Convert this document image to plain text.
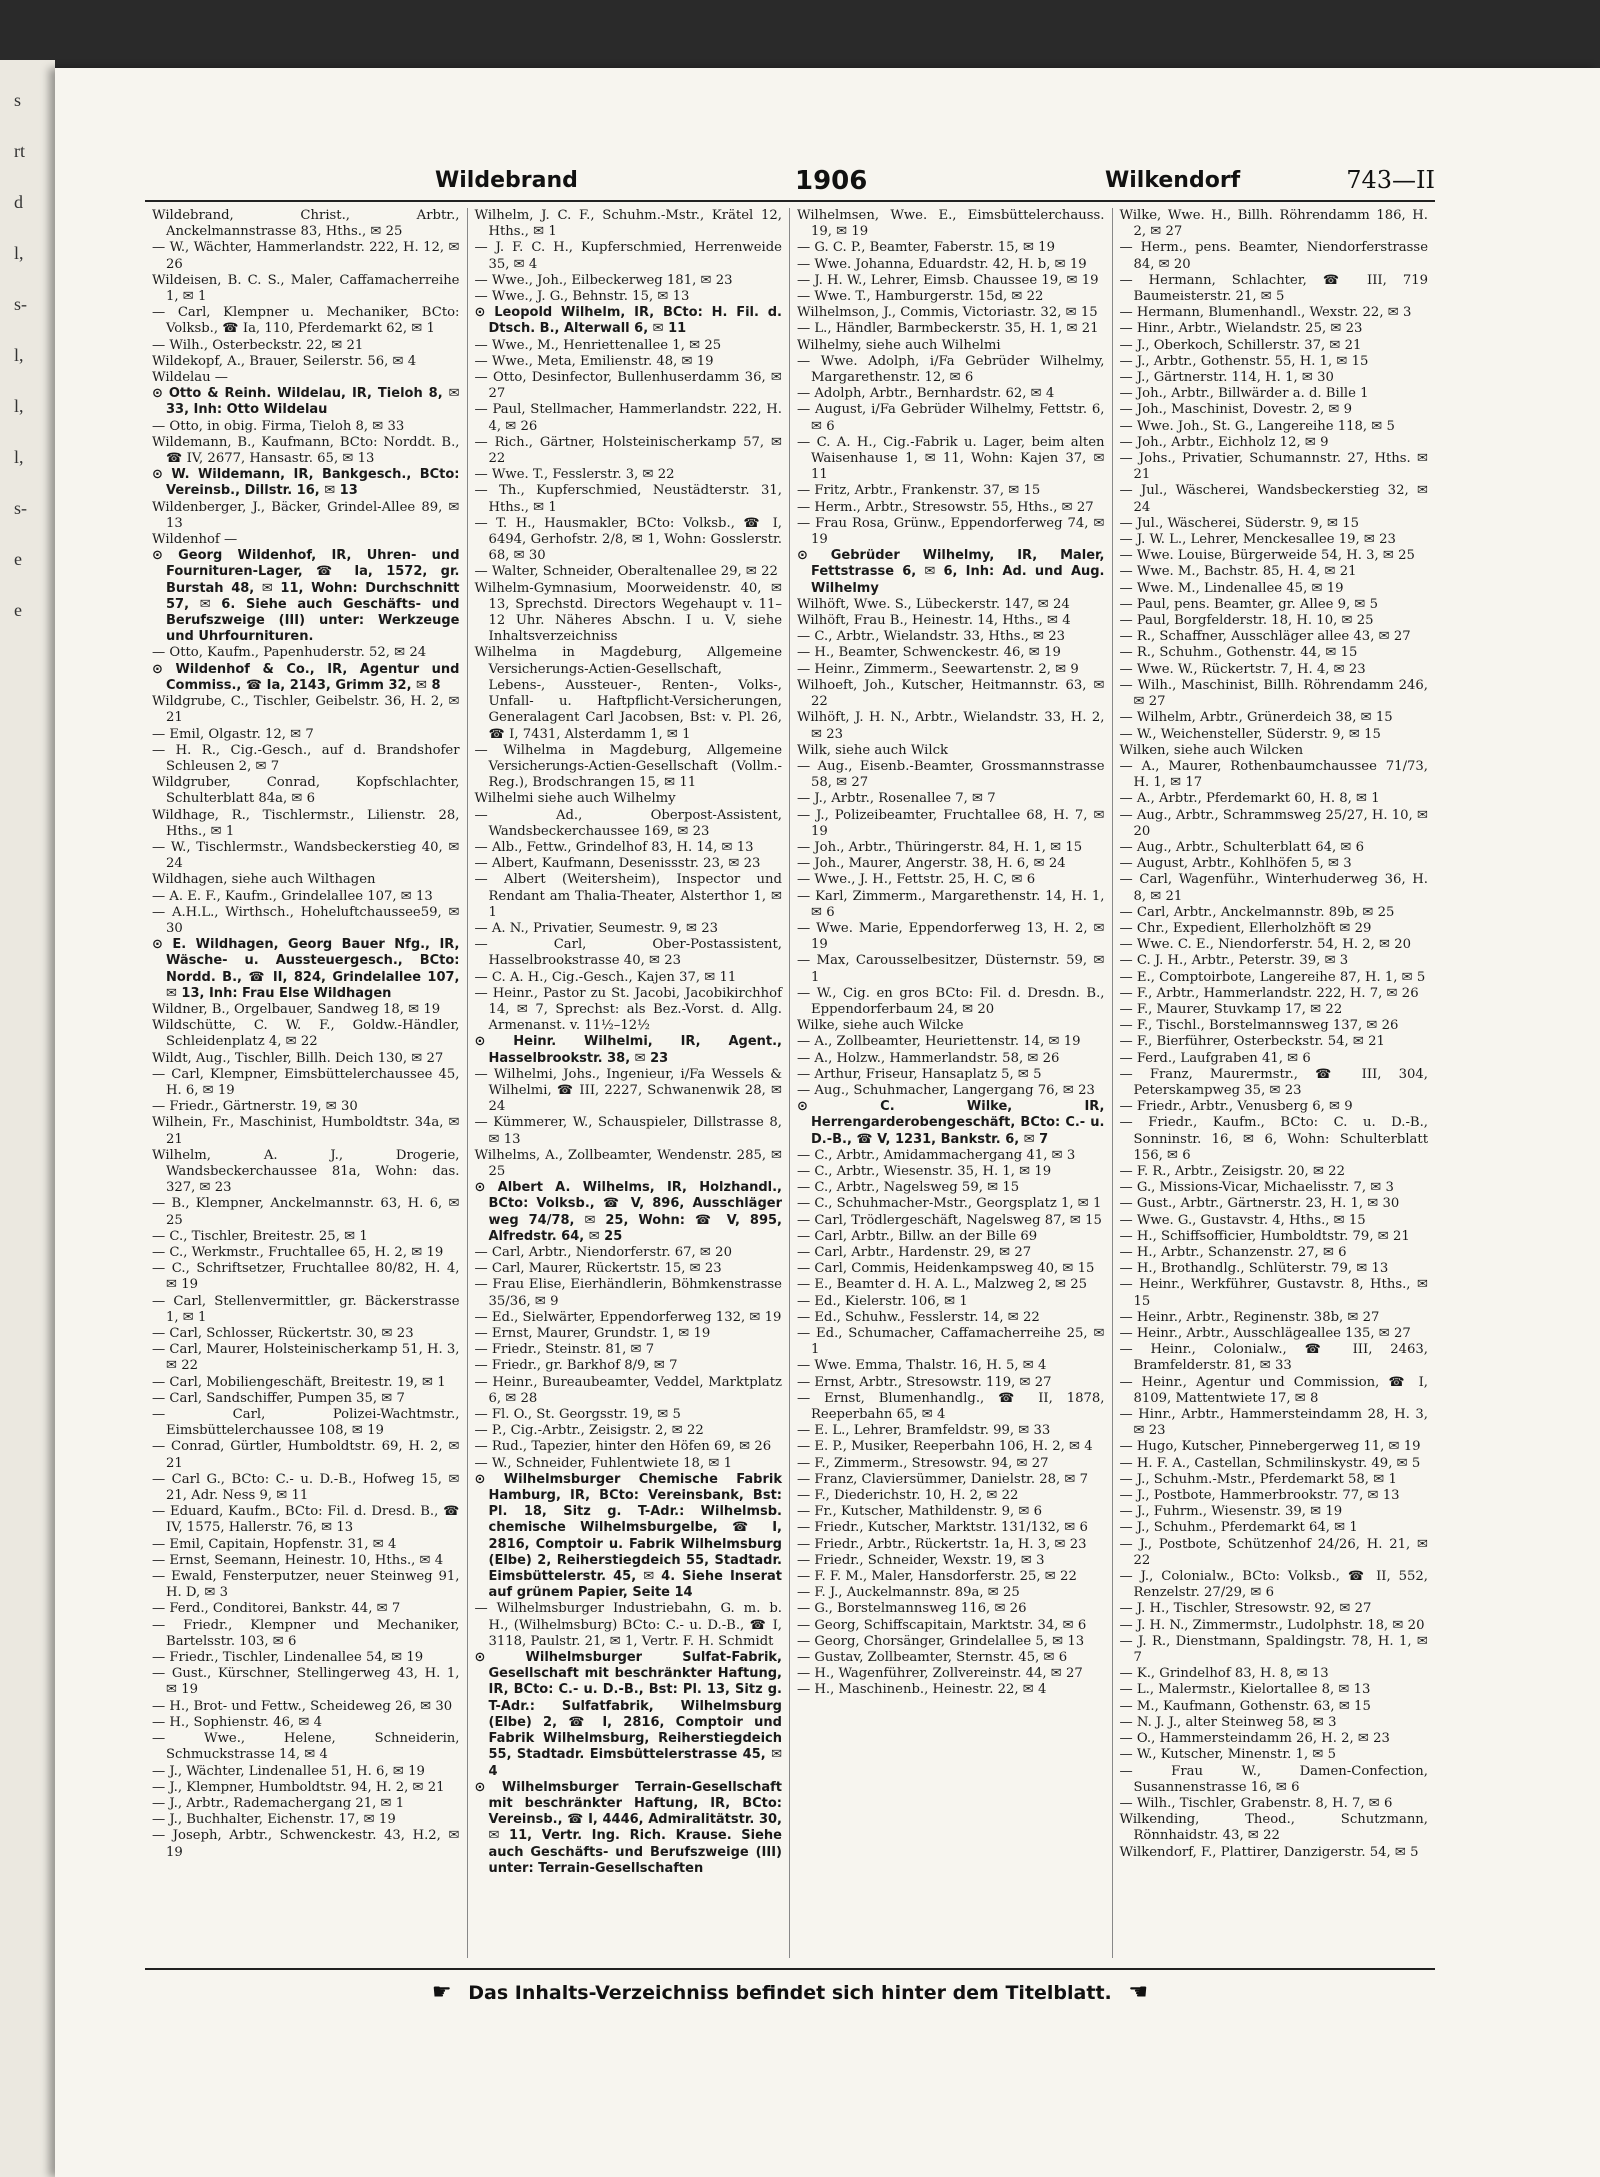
s
rt
d
l,
s-
l,
l,
l,
s-
e
e
Wildebrand	1906	Wilkendorf	743—II

Wildebrand, Christ., Arbtr., Anckelmannstrasse 83, Hths., ✉ 25

— W., Wächter, Hammerlandstr. 222, H. 12, ✉ 26

Wildeisen, B. C. S., Maler, Caffamacherreihe 1, ✉ 1

— Carl, Klempner u. Mechaniker, BCto: Volksb., ☎ Ia, 110, Pferdemarkt 62, ✉ 1

— Wilh., Osterbeckstr. 22, ✉ 21

Wildekopf, A., Brauer, Seilerstr. 56, ✉ 4

Wildelau —

⊙ Otto & Reinh. Wildelau, IR, Tieloh 8, ✉ 33, Inh: Otto Wildelau

— Otto, in obig. Firma, Tieloh 8, ✉ 33

Wildemann, B., Kaufmann, BCto: Norddt. B., ☎ IV, 2677, Hansastr. 65, ✉ 13

⊙ W. Wildemann, IR, Bankgesch., BCto: Vereinsb., Dillstr. 16, ✉ 13

Wildenberger, J., Bäcker, Grindel-Allee 89, ✉ 13

Wildenhof —

⊙ Georg Wildenhof, IR, Uhren- und Fournituren-Lager, ☎ Ia, 1572, gr. Burstah 48, ✉ 11, Wohn: Durchschnitt 57, ✉ 6. Siehe auch Geschäfts- und Berufszweige (III) unter: Werkzeuge und Uhrfournituren.

— Otto, Kaufm., Papenhuderstr. 52, ✉ 24

⊙ Wildenhof & Co., IR, Agentur und Commiss., ☎ Ia, 2143, Grimm 32, ✉ 8

Wildgrube, C., Tischler, Geibelstr. 36, H. 2, ✉ 21

— Emil, Olgastr. 12, ✉ 7

— H. R., Cig.-Gesch., auf d. Brandshofer Schleusen 2, ✉ 7

Wildgruber, Conrad, Kopfschlachter, Schulterblatt 84a, ✉ 6

Wildhage, R., Tischlermstr., Lilienstr. 28, Hths., ✉ 1

— W., Tischlermstr., Wandsbeckerstieg 40, ✉ 24

Wildhagen, siehe auch Wilthagen

— A. E. F., Kaufm., Grindelallee 107, ✉ 13

— A.H.L., Wirthsch., Hoheluftchaussee59, ✉ 30

⊙ E. Wildhagen, Georg Bauer Nfg., IR, Wäsche- u. Aussteuergesch., BCto: Nordd. B., ☎ II, 824, Grindelallee 107, ✉ 13, Inh: Frau Else Wildhagen

Wildner, B., Orgelbauer, Sandweg 18, ✉ 19

Wildschütte, C. W. F., Goldw.-Händler, Schleidenplatz 4, ✉ 22

Wildt, Aug., Tischler, Billh. Deich 130, ✉ 27

— Carl, Klempner, Eimsbüttelerchaussee 45, H. 6, ✉ 19

— Friedr., Gärtnerstr. 19, ✉ 30

Wilhein, Fr., Maschinist, Humboldtstr. 34a, ✉ 21

Wilhelm, A. J., Drogerie, Wandsbeckerchaussee 81a, Wohn: das. 327, ✉ 23

— B., Klempner, Anckelmannstr. 63, H. 6, ✉ 25

— C., Tischler, Breitestr. 25, ✉ 1

— C., Werkmstr., Fruchtallee 65, H. 2, ✉ 19

— C., Schriftsetzer, Fruchtallee 80/82, H. 4, ✉ 19

— Carl, Stellenvermittler, gr. Bäckerstrasse 1, ✉ 1

— Carl, Schlosser, Rückertstr. 30, ✉ 23

— Carl, Maurer, Holsteinischerkamp 51, H. 3, ✉ 22

— Carl, Mobiliengeschäft, Breitestr. 19, ✉ 1

— Carl, Sandschiffer, Pumpen 35, ✉ 7

— Carl, Polizei-Wachtmstr., Eimsbüttelerchaussee 108, ✉ 19

— Conrad, Gürtler, Humboldtstr. 69, H. 2, ✉ 21

— Carl G., BCto: C.- u. D.-B., Hofweg 15, ✉ 21, Adr. Ness 9, ✉ 11

— Eduard, Kaufm., BCto: Fil. d. Dresd. B., ☎ IV, 1575, Hallerstr. 76, ✉ 13

— Emil, Capitain, Hopfenstr. 31, ✉ 4

— Ernst, Seemann, Heinestr. 10, Hths., ✉ 4

— Ewald, Fensterputzer, neuer Steinweg 91, H. D, ✉ 3

— Ferd., Conditorei, Bankstr. 44, ✉ 7

— Friedr., Klempner und Mechaniker, Bartelsstr. 103, ✉ 6

— Friedr., Tischler, Lindenallee 54, ✉ 19

— Gust., Kürschner, Stellingerweg 43, H. 1, ✉ 19

— H., Brot- und Fettw., Scheideweg 26, ✉ 30

— H., Sophienstr. 46, ✉ 4

— Wwe., Helene, Schneiderin, Schmuckstrasse 14, ✉ 4

— J., Wächter, Lindenallee 51, H. 6, ✉ 19

— J., Klempner, Humboldtstr. 94, H. 2, ✉ 21

— J., Arbtr., Rademachergang 21, ✉ 1

— J., Buchhalter, Eichenstr. 17, ✉ 19

— Joseph, Arbtr., Schwenckestr. 43, H.2, ✉ 19

Wilhelm, J. C. F., Schuhm.-Mstr., Krätel 12, Hths., ✉ 1

— J. F. C. H., Kupferschmied, Herrenweide 35, ✉ 4

— Wwe., Joh., Eilbeckerweg 181, ✉ 23

— Wwe., J. G., Behnstr. 15, ✉ 13

⊙ Leopold Wilhelm, IR, BCto: H. Fil. d. Dtsch. B., Alterwall 6, ✉ 11

— Wwe., M., Henriettenallee 1, ✉ 25

— Wwe., Meta, Emilienstr. 48, ✉ 19

— Otto, Desinfector, Bullenhuserdamm 36, ✉ 27

— Paul, Stellmacher, Hammerlandstr. 222, H. 4, ✉ 26

— Rich., Gärtner, Holsteinischerkamp 57, ✉ 22

— Wwe. T., Fesslerstr. 3, ✉ 22

— Th., Kupferschmied, Neustädterstr. 31, Hths., ✉ 1

— T. H., Hausmakler, BCto: Volksb., ☎ I, 6494, Gerhofstr. 2/8, ✉ 1, Wohn: Gosslerstr. 68, ✉ 30

— Walter, Schneider, Oberaltenallee 29, ✉ 22

Wilhelm-Gymnasium, Moorweidenstr. 40, ✉ 13, Sprechstd. Directors Wegehaupt v. 11–12 Uhr. Näheres Abschn. I u. V, siehe Inhaltsverzeichniss

Wilhelma in Magdeburg, Allgemeine Versicherungs-Actien-Gesellschaft, Lebens-, Aussteuer-, Renten-, Volks-, Unfall- u. Haftpflicht-Versicherungen, Generalagent Carl Jacobsen, Bst: v. Pl. 26, ☎ I, 7431, Alsterdamm 1, ✉ 1

— Wilhelma in Magdeburg, Allgemeine Versicherungs-Actien-Gesellschaft (Vollm.-Reg.), Brodschrangen 15, ✉ 11

Wilhelmi siehe auch Wilhelmy

— Ad., Oberpost-Assistent, Wandsbeckerchaussee 169, ✉ 23

— Alb., Fettw., Grindelhof 83, H. 14, ✉ 13

— Albert, Kaufmann, Desenissstr. 23, ✉ 23

— Albert (Weitersheim), Inspector und Rendant am Thalia-Theater, Alsterthor 1, ✉ 1

— A. N., Privatier, Seumestr. 9, ✉ 23

— Carl, Ober-Postassistent, Hasselbrookstrasse 40, ✉ 23

— C. A. H., Cig.-Gesch., Kajen 37, ✉ 11

— Heinr., Pastor zu St. Jacobi, Jacobikirchhof 14, ✉ 7, Sprechst: als Bez.-Vorst. d. Allg. Armenanst. v. 11½–12½

⊙ Heinr. Wilhelmi, IR, Agent., Hasselbrookstr. 38, ✉ 23

— Wilhelmi, Johs., Ingenieur, i/Fa Wessels & Wilhelmi, ☎ III, 2227, Schwanenwik 28, ✉ 24

— Kümmerer, W., Schauspieler, Dillstrasse 8, ✉ 13

Wilhelms, A., Zollbeamter, Wendenstr. 285, ✉ 25

⊙ Albert A. Wilhelms, IR, Holzhandl., BCto: Volksb., ☎ V, 896, Ausschläger weg 74/78, ✉ 25, Wohn: ☎ V, 895, Alfredstr. 64, ✉ 25

— Carl, Arbtr., Niendorferstr. 67, ✉ 20

— Carl, Maurer, Rückertstr. 15, ✉ 23

— Frau Elise, Eierhändlerin, Böhmkenstrasse 35/36, ✉ 9

— Ed., Sielwärter, Eppendorferweg 132, ✉ 19

— Ernst, Maurer, Grundstr. 1, ✉ 19

— Friedr., Steinstr. 81, ✉ 7

— Friedr., gr. Barkhof 8/9, ✉ 7

— Heinr., Bureaubeamter, Veddel, Marktplatz 6, ✉ 28

— Fl. O., St. Georgsstr. 19, ✉ 5

— P., Cig.-Arbtr., Zeisigstr. 2, ✉ 22

— Rud., Tapezier, hinter den Höfen 69, ✉ 26

— W., Schneider, Fuhlentwiete 18, ✉ 1

⊙ Wilhelmsburger Chemische Fabrik Hamburg, IR, BCto: Vereinsbank, Bst: Pl. 18, Sitz g. T-Adr.: Wilhelmsb. chemische Wilhelmsburgelbe, ☎ I, 2816, Comptoir u. Fabrik Wilhelmsburg (Elbe) 2, Reiherstiegdeich 55, Stadtadr. Eimsbüttelerstr. 45, ✉ 4. Siehe Inserat auf grünem Papier, Seite 14

— Wilhelmsburger Industriebahn, G. m. b. H., (Wilhelmsburg) BCto: C.- u. D.-B., ☎ I, 3118, Paulstr. 21, ✉ 1, Vertr. F. H. Schmidt

⊙ Wilhelmsburger Sulfat-Fabrik, Gesellschaft mit beschränkter Haftung, IR, BCto: C.- u. D.-B., Bst: Pl. 13, Sitz g. T-Adr.: Sulfatfabrik, Wilhelmsburg (Elbe) 2, ☎ I, 2816, Comptoir und Fabrik Wilhelmsburg, Reiherstiegdeich 55, Stadtadr. Eimsbüttelerstrasse 45, ✉ 4

⊙ Wilhelmsburger Terrain-Gesellschaft mit beschränkter Haftung, IR, BCto: Vereinsb., ☎ I, 4446, Admiralitätstr. 30, ✉ 11, Vertr. Ing. Rich. Krause. Siehe auch Geschäfts- und Berufszweige (III) unter: Terrain-Gesellschaften

Wilhelmsen, Wwe. E., Eimsbüttelerchauss. 19, ✉ 19

— G. C. P., Beamter, Faberstr. 15, ✉ 19

— Wwe. Johanna, Eduardstr. 42, H. b, ✉ 19

— J. H. W., Lehrer, Eimsb. Chaussee 19, ✉ 19

— Wwe. T., Hamburgerstr. 15d, ✉ 22

Wilhelmson, J., Commis, Victoriastr. 32, ✉ 15

— L., Händler, Barmbeckerstr. 35, H. 1, ✉ 21

Wilhelmy, siehe auch Wilhelmi

— Wwe. Adolph, i/Fa Gebrüder Wilhelmy, Margarethenstr. 12, ✉ 6

— Adolph, Arbtr., Bernhardstr. 62, ✉ 4

— August, i/Fa Gebrüder Wilhelmy, Fettstr. 6, ✉ 6

— C. A. H., Cig.-Fabrik u. Lager, beim alten Waisenhause 1, ✉ 11, Wohn: Kajen 37, ✉ 11

— Fritz, Arbtr., Frankenstr. 37, ✉ 15

— Herm., Arbtr., Stresowstr. 55, Hths., ✉ 27

— Frau Rosa, Grünw., Eppendorferweg 74, ✉ 19

⊙ Gebrüder Wilhelmy, IR, Maler, Fettstrasse 6, ✉ 6, Inh: Ad. und Aug. Wilhelmy

Wilhöft, Wwe. S., Lübeckerstr. 147, ✉ 24

Wilhöft, Frau B., Heinestr. 14, Hths., ✉ 4

— C., Arbtr., Wielandstr. 33, Hths., ✉ 23

— H., Beamter, Schwenckestr. 46, ✉ 19

— Heinr., Zimmerm., Seewartenstr. 2, ✉ 9

Wilhoeft, Joh., Kutscher, Heitmannstr. 63, ✉ 22

Wilhöft, J. H. N., Arbtr., Wielandstr. 33, H. 2, ✉ 23

Wilk, siehe auch Wilck

— Aug., Eisenb.-Beamter, Grossmannstrasse 58, ✉ 27

— J., Arbtr., Rosenallee 7, ✉ 7

— J., Polizeibeamter, Fruchtallee 68, H. 7, ✉ 19

— Joh., Arbtr., Thüringerstr. 84, H. 1, ✉ 15

— Joh., Maurer, Angerstr. 38, H. 6, ✉ 24

— Wwe., J. H., Fettstr. 25, H. C, ✉ 6

— Karl, Zimmerm., Margarethenstr. 14, H. 1, ✉ 6

— Wwe. Marie, Eppendorferweg 13, H. 2, ✉ 19

— Max, Carousselbesitzer, Düsternstr. 59, ✉ 1

— W., Cig. en gros BCto: Fil. d. Dresdn. B., Eppendorferbaum 24, ✉ 20

Wilke, siehe auch Wilcke

— A., Zollbeamter, Heuriettenstr. 14, ✉ 19

— A., Holzw., Hammerlandstr. 58, ✉ 26

— Arthur, Friseur, Hansaplatz 5, ✉ 5

— Aug., Schuhmacher, Langergang 76, ✉ 23

⊙ C. Wilke, IR, Herrengarderobengeschäft, BCto: C.- u. D.-B., ☎ V, 1231, Bankstr. 6, ✉ 7

— C., Arbtr., Amidammachergang 41, ✉ 3

— C., Arbtr., Wiesenstr. 35, H. 1, ✉ 19

— C., Arbtr., Nagelsweg 59, ✉ 15

— C., Schuhmacher-Mstr., Georgsplatz 1, ✉ 1

— Carl, Trödlergeschäft, Nagelsweg 87, ✉ 15

— Carl, Arbtr., Billw. an der Bille 69

— Carl, Arbtr., Hardenstr. 29, ✉ 27

— Carl, Commis, Heidenkampsweg 40, ✉ 15

— E., Beamter d. H. A. L., Malzweg 2, ✉ 25

— Ed., Kielerstr. 106, ✉ 1

— Ed., Schuhw., Fesslerstr. 14, ✉ 22

— Ed., Schumacher, Caffamacherreihe 25, ✉ 1

— Wwe. Emma, Thalstr. 16, H. 5, ✉ 4

— Ernst, Arbtr., Stresowstr. 119, ✉ 27

— Ernst, Blumenhandlg., ☎ II, 1878, Reeperbahn 65, ✉ 4

— E. L., Lehrer, Bramfeldstr. 99, ✉ 33

— E. P., Musiker, Reeperbahn 106, H. 2, ✉ 4

— F., Zimmerm., Stresowstr. 94, ✉ 27

— Franz, Claviersümmer, Danielstr. 28, ✉ 7

— F., Diederichstr. 10, H. 2, ✉ 22

— Fr., Kutscher, Mathildenstr. 9, ✉ 6

— Friedr., Kutscher, Marktstr. 131/132, ✉ 6

— Friedr., Arbtr., Rückertstr. 1a, H. 3, ✉ 23

— Friedr., Schneider, Wexstr. 19, ✉ 3

— F. F. M., Maler, Hansdorferstr. 25, ✉ 22

— F. J., Auckelmannstr. 89a, ✉ 25

— G., Borstelmannsweg 116, ✉ 26

— Georg, Schiffscapitain, Marktstr. 34, ✉ 6

— Georg, Chorsänger, Grindelallee 5, ✉ 13

— Gustav, Zollbeamter, Sternstr. 45, ✉ 6

— H., Wagenführer, Zollvereinstr. 44, ✉ 27

— H., Maschinenb., Heinestr. 22, ✉ 4

Wilke, Wwe. H., Billh. Röhrendamm 186, H. 2, ✉ 27

— Herm., pens. Beamter, Niendorferstrasse 84, ✉ 20

— Hermann, Schlachter, ☎ III, 719 Baumeisterstr. 21, ✉ 5

— Hermann, Blumenhandl., Wexstr. 22, ✉ 3

— Hinr., Arbtr., Wielandstr. 25, ✉ 23

— J., Oberkoch, Schillerstr. 37, ✉ 21

— J., Arbtr., Gothenstr. 55, H. 1, ✉ 15

— J., Gärtnerstr. 114, H. 1, ✉ 30

— Joh., Arbtr., Billwärder a. d. Bille 1

— Joh., Maschinist, Dovestr. 2, ✉ 9

— Wwe. Joh., St. G., Langereihe 118, ✉ 5

— Joh., Arbtr., Eichholz 12, ✉ 9

— Johs., Privatier, Schumannstr. 27, Hths. ✉ 21

— Jul., Wäscherei, Wandsbeckerstieg 32, ✉ 24

— Jul., Wäscherei, Süderstr. 9, ✉ 15

— J. W. L., Lehrer, Menckesallee 19, ✉ 23

— Wwe. Louise, Bürgerweide 54, H. 3, ✉ 25

— Wwe. M., Bachstr. 85, H. 4, ✉ 21

— Wwe. M., Lindenallee 45, ✉ 19

— Paul, pens. Beamter, gr. Allee 9, ✉ 5

— Paul, Borgfelderstr. 18, H. 10, ✉ 25

— R., Schaffner, Ausschläger allee 43, ✉ 27

— R., Schuhm., Gothenstr. 44, ✉ 15

— Wwe. W., Rückertstr. 7, H. 4, ✉ 23

— Wilh., Maschinist, Billh. Röhrendamm 246, ✉ 27

— Wilhelm, Arbtr., Grünerdeich 38, ✉ 15

— W., Weichensteller, Süderstr. 9, ✉ 15

Wilken, siehe auch Wilcken

— A., Maurer, Rothenbaumchaussee 71/73, H. 1, ✉ 17

— A., Arbtr., Pferdemarkt 60, H. 8, ✉ 1

— Aug., Arbtr., Schrammsweg 25/27, H. 10, ✉ 20

— Aug., Arbtr., Schulterblatt 64, ✉ 6

— August, Arbtr., Kohlhöfen 5, ✉ 3

— Carl, Wagenführ., Winterhuderweg 36, H. 8, ✉ 21

— Carl, Arbtr., Anckelmannstr. 89b, ✉ 25

— Chr., Expedient, Ellerholzhöft ✉ 29

— Wwe. C. E., Niendorferstr. 54, H. 2, ✉ 20

— C. J. H., Arbtr., Peterstr. 39, ✉ 3

— E., Comptoirbote, Langereihe 87, H. 1, ✉ 5

— F., Arbtr., Hammerlandstr. 222, H. 7, ✉ 26

— F., Maurer, Stuvkamp 17, ✉ 22

— F., Tischl., Borstelmannsweg 137, ✉ 26

— F., Bierführer, Osterbeckstr. 54, ✉ 21

— Ferd., Laufgraben 41, ✉ 6

— Franz, Maurermstr., ☎ III, 304, Peterskampweg 35, ✉ 23

— Friedr., Arbtr., Venusberg 6, ✉ 9

— Friedr., Kaufm., BCto: C. u. D.-B., Sonninstr. 16, ✉ 6, Wohn: Schulterblatt 156, ✉ 6

— F. R., Arbtr., Zeisigstr. 20, ✉ 22

— G., Missions-Vicar, Michaelisstr. 7, ✉ 3

— Gust., Arbtr., Gärtnerstr. 23, H. 1, ✉ 30

— Wwe. G., Gustavstr. 4, Hths., ✉ 15

— H., Schiffsofficier, Humboldtstr. 79, ✉ 21

— H., Arbtr., Schanzenstr. 27, ✉ 6

— H., Brothandlg., Schlüterstr. 79, ✉ 13

— Heinr., Werkführer, Gustavstr. 8, Hths., ✉ 15

— Heinr., Arbtr., Reginenstr. 38b, ✉ 27

— Heinr., Arbtr., Ausschlägeallee 135, ✉ 27

— Heinr., Colonialw., ☎ III, 2463, Bramfelderstr. 81, ✉ 33

— Heinr., Agentur und Commission, ☎ I, 8109, Mattentwiete 17, ✉ 8

— Hinr., Arbtr., Hammersteindamm 28, H. 3, ✉ 23

— Hugo, Kutscher, Pinnebergerweg 11, ✉ 19

— H. F. A., Castellan, Schmilinskystr. 49, ✉ 5

— J., Schuhm.-Mstr., Pferdemarkt 58, ✉ 1

— J., Postbote, Hammerbrookstr. 77, ✉ 13

— J., Fuhrm., Wiesenstr. 39, ✉ 19

— J., Schuhm., Pferdemarkt 64, ✉ 1

— J., Postbote, Schützenhof 24/26, H. 21, ✉ 22

— J., Colonialw., BCto: Volksb., ☎ II, 552, Renzelstr. 27/29, ✉ 6

— J. H., Tischler, Stresowstr. 92, ✉ 27

— J. H. N., Zimmermstr., Ludolphstr. 18, ✉ 20

— J. R., Dienstmann, Spaldingstr. 78, H. 1, ✉ 7

— K., Grindelhof 83, H. 8, ✉ 13

— L., Malermstr., Kielortallee 8, ✉ 13

— M., Kaufmann, Gothenstr. 63, ✉ 15

— N. J. J., alter Steinweg 58, ✉ 3

— O., Hammersteindamm 26, H. 2, ✉ 23

— W., Kutscher, Minenstr. 1, ✉ 5

— Frau W., Damen-Confection, Susannenstrasse 16, ✉ 6

— Wilh., Tischler, Grabenstr. 8, H. 7, ✉ 6

Wilkending, Theod., Schutzmann, Rönnhaidstr. 43, ✉ 22

Wilkendorf, F., Plattirer, Danzigerstr. 54, ✉ 5

☛ Das Inhalts-Verzeichniss befindet sich hinter dem Titelblatt. ☚
